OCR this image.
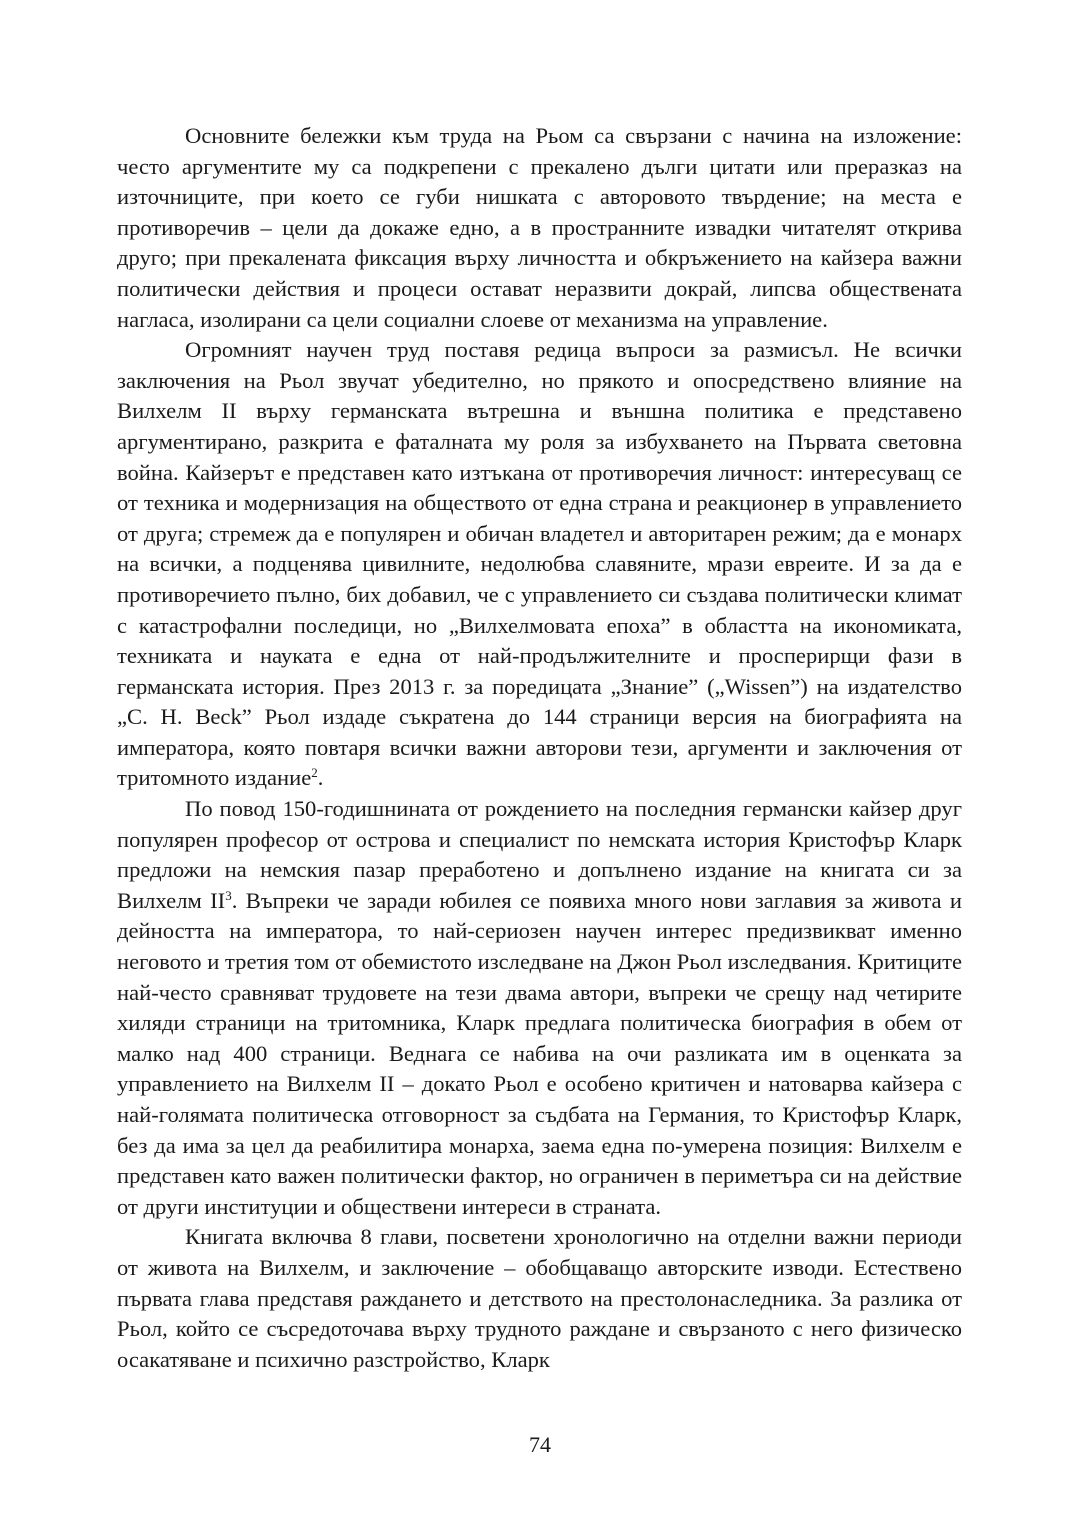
Основните бележки към труда на Рьом са свързани с начина на изложение: често аргументите му са подкрепени с прекалено дълги цитати или преразказ на източниците, при което се губи нишката с авторовото твърдение; на места е противоречив – цели да докаже едно, а в пространните извадки читателят открива друго; при прекалената фиксация върху личността и обкръжението на кайзера важни политически действия и процеси остават неразвити докрай, липсва обществената нагласа, изолирани са цели социални слоеве от механизма на управление.

Огромният научен труд поставя редица въпроси за размисъл. Не всички заключения на Рьол звучат убедително, но прякото и опосредствено влияние на Вилхелм II върху германската вътрешна и външна политика е представено аргументирано, разкрита е фаталната му роля за избухването на Първата световна война. Кайзерът е представен като изтъкана от противоречия личност: интересуващ се от техника и модернизация на обществото от една страна и реакционер в управлението от друга; стремеж да е популярен и обичан владетел и авторитарен режим; да е монарх на всички, а подценява цивилните, недолюбва славяните, мрази евреите. И за да е противоречието пълно, бих добавил, че с управлението си създава политически климат с катастрофални последици, но „Вилхелмовата епоха” в областта на икономиката, техниката и науката е една от най-продължителните и просперирщи фази в германската история. През 2013 г. за поредицата „Знание” („Wissen”) на издателство „C. H. Beck” Рьол издаде съкратена до 144 страници версия на биографията на императора, която повтаря всички важни авторови тези, аргументи и заключения от тритомното издание$^2$.

По повод 150-годишнината от рождението на последния германски кайзер друг популярен професор от острова и специалист по немската история Кристофър Кларк предложи на немския пазар преработено и допълнено издание на книгата си за Вилхелм $II^3$. Въпреки че заради юбилея се появиха много нови заглавия за живота и дейността на императора, то най-сериозен научен интерес предизвикват именно неговото и третия том от обемистото изследване на Джон Рьол изследвания. Критиците най-често сравняват трудовете на тези двама автори, въпреки че срещу над четирите хиляди страници на тритомника, Кларк предлага политическа биография в обем от малко над 400 страници. Веднага се набива на очи разликата им в оценката за управлението на Вилхелм II – докато Рьол е особено критичен и натоварва кайзера с най-голямата политическа отговорност за съдбата на Германия, то Кристофър Кларк, без да има за цел да реабилитира монарха, заема една по-умерена позиция: Вилхелм е представен като важен политически фактор, но ограничен в периметъра си на действие от други институции и обществени интереси в страната.

Книгата включва 8 глави, посветени хронологично на отделни важни периоди от живота на Вилхелм, и заключение – обобщаващо авторските изводи. Естествено първата глава представя раждането и детството на престолонаследника. За разлика от Рьол, който се съсредоточава върху трудното раждане и свързаното с него физическо осакатяване и психично разстройство, Кларк

74
